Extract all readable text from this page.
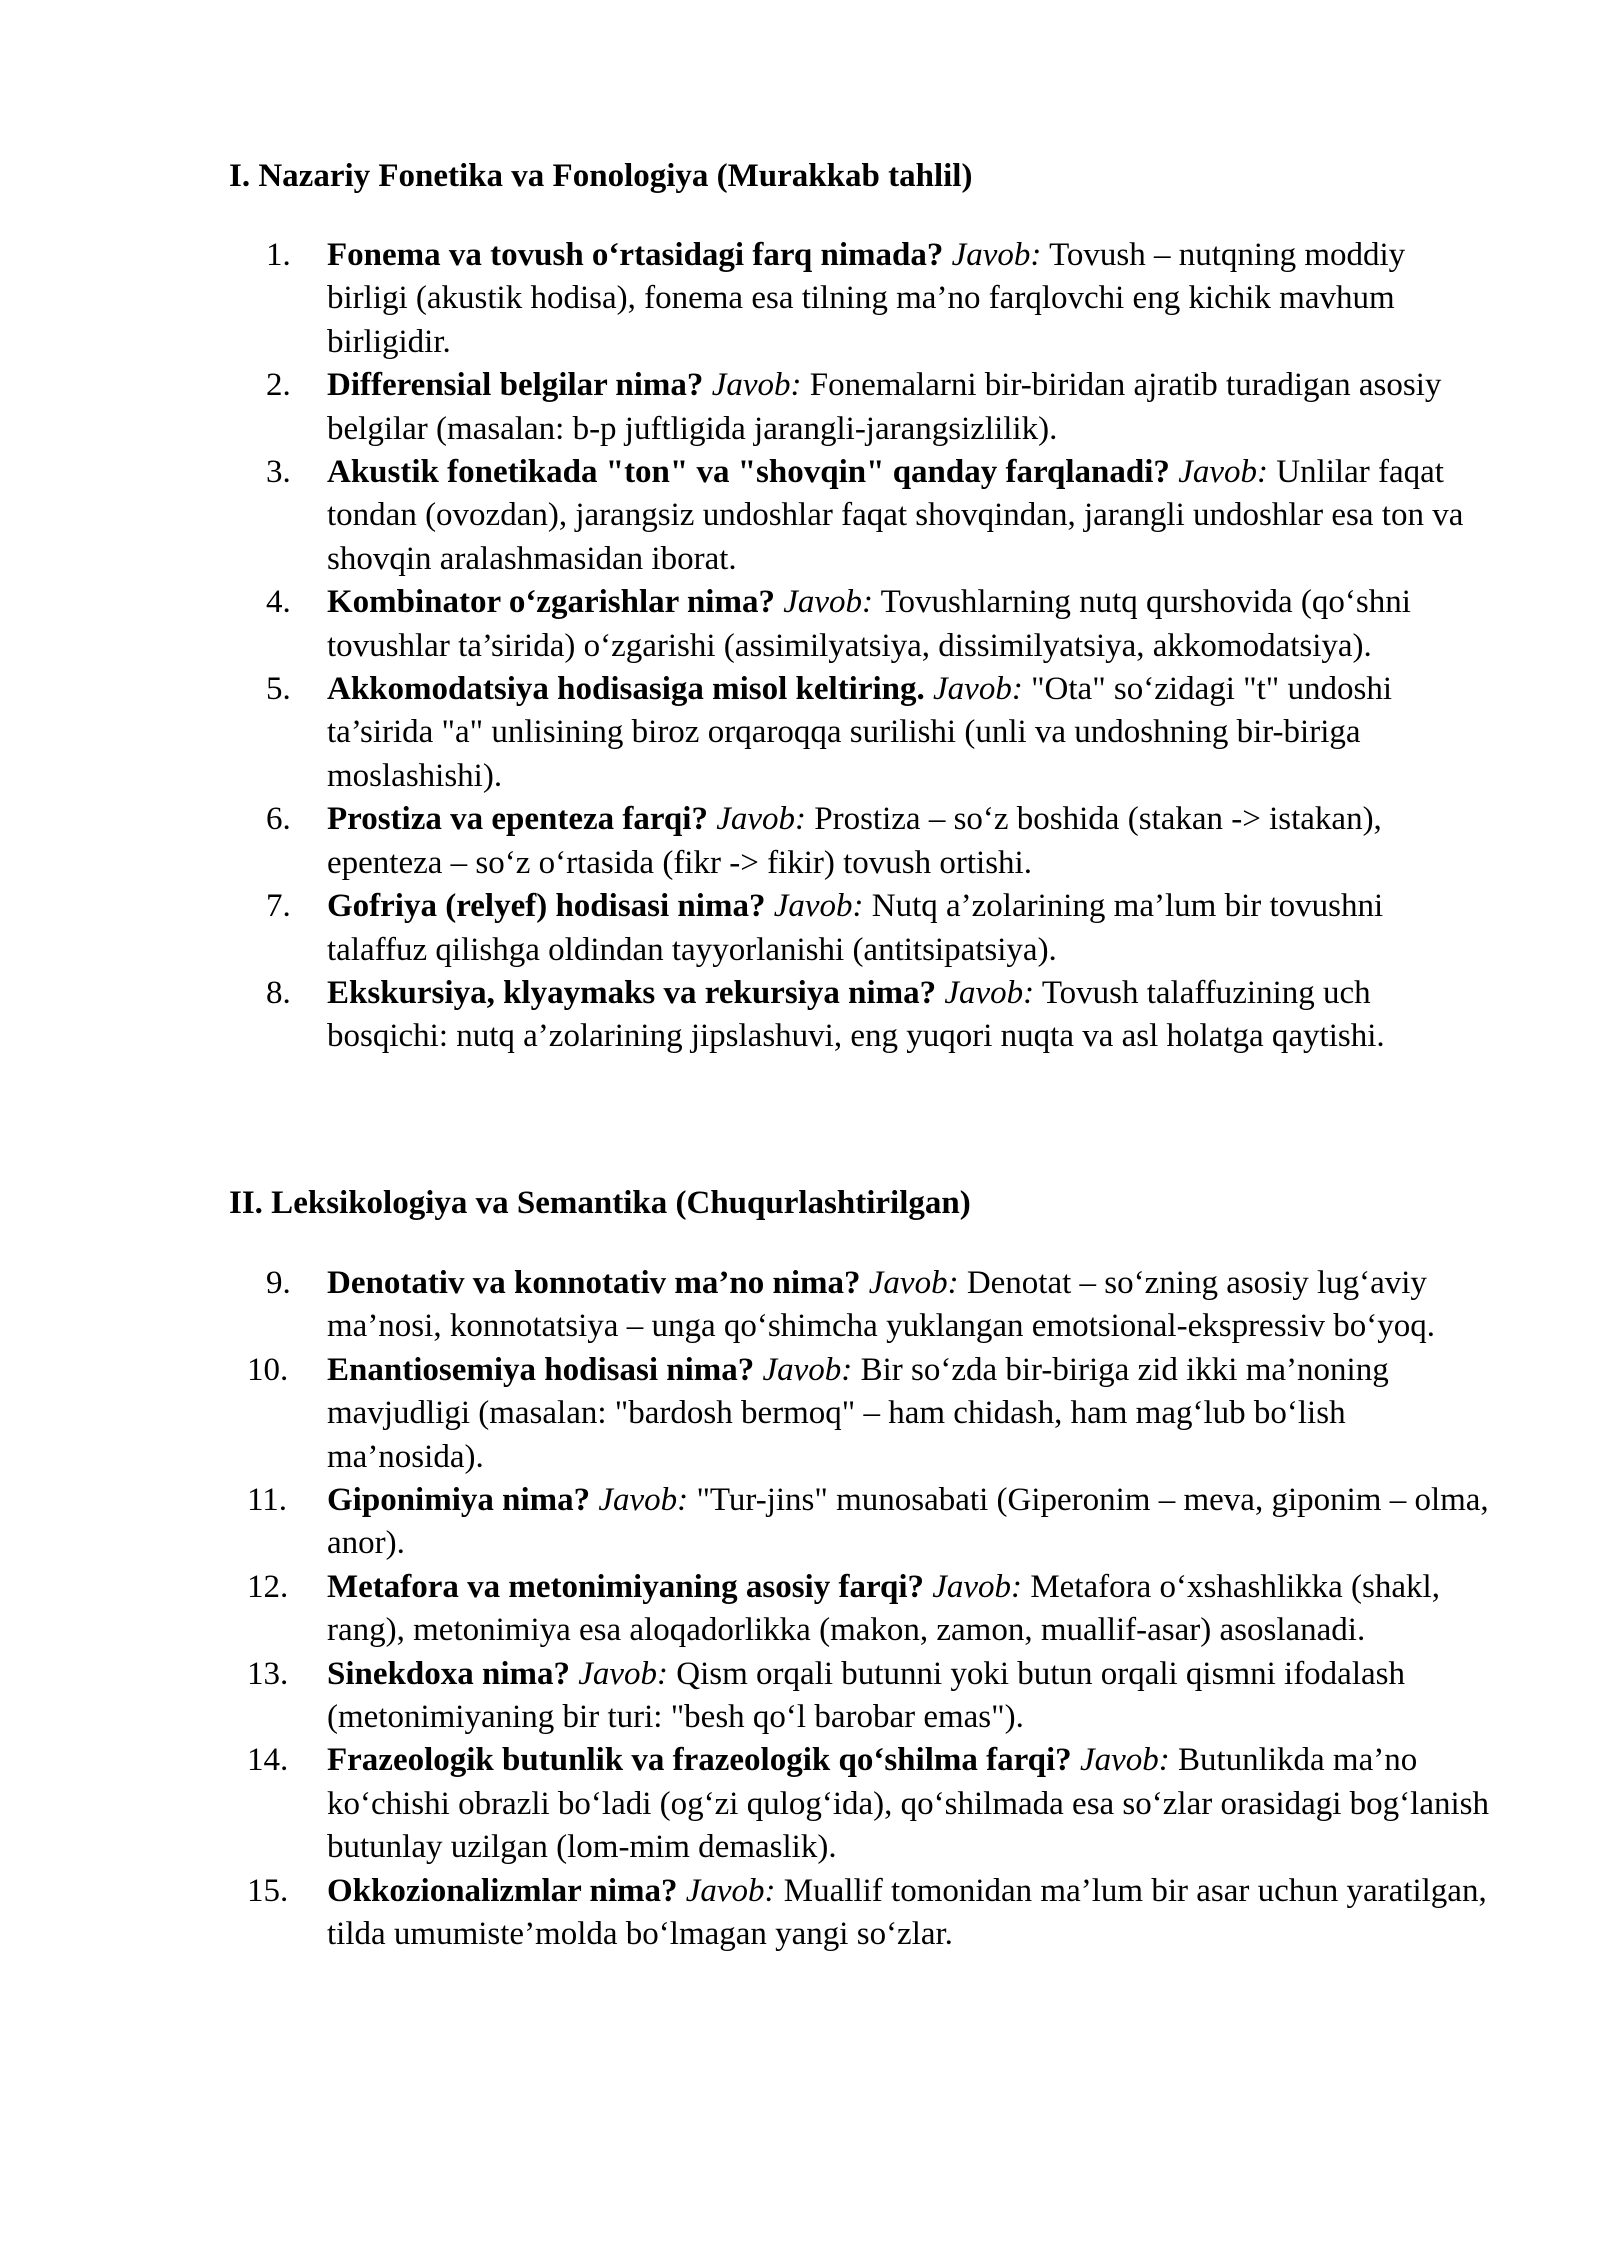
I. Nazariy Fonetika va Fonologiya (Murakkab tahlil)
1.	Fonema va tovush o‘rtasidagi farq nimada? Javob: Tovush – nutqning moddiy birligi (akustik hodisa), fonema esa tilning ma’no farqlovchi eng kichik mavhum birligidir.
2.	Differensial belgilar nima? Javob: Fonemalarni bir-biridan ajratib turadigan asosiy belgilar (masalan: b-p juftligida jarangli-jarangsizlilik).
3.	Akustik fonetikada "ton" va "shovqin" qanday farqlanadi? Javob: Unlilar faqat tondan (ovozdan), jarangsiz undoshlar faqat shovqindan, jarangli undoshlar esa ton va shovqin aralashmasidan iborat.
4.	Kombinator o‘zgarishlar nima? Javob: Tovushlarning nutq qurshovida (qo‘shni tovushlar ta’sirida) o‘zgarishi (assimilyatsiya, dissimilyatsiya, akkomodatsiya).
5.	Akkomodatsiya hodisasiga misol keltiring. Javob: "Ota" so‘zidagi "t" undoshi ta’sirida "a" unlisining biroz orqaroqqa surilishi (unli va undoshning bir-biriga moslashishi).
6.	Prostiza va epenteza farqi? Javob: Prostiza – so‘z boshida (stakan -> istakan), epenteza – so‘z o‘rtasida (fikr -> fikir) tovush ortishi.
7.	Gofriya (relyef) hodisasi nima? Javob: Nutq a’zolarining ma’lum bir tovushni talaffuz qilishga oldindan tayyorlanishi (antitsipatsiya).
8.	Ekskursiya, klyaymaks va rekursiya nima? Javob: Tovush talaffuzining uch bosqichi: nutq a’zolarining jipslashuvi, eng yuqori nuqta va asl holatga qaytishi.
II. Leksikologiya va Semantika (Chuqurlashtirilgan)
9.	Denotativ va konnotativ ma’no nima? Javob: Denotat – so‘zning asosiy lug‘aviy ma’nosi, konnotatsiya – unga qo‘shimcha yuklangan emotsional-ekspressiv bo‘yoq.
10.	Enantiosemiya hodisasi nima? Javob: Bir so‘zda bir-biriga zid ikki ma’noning mavjudligi (masalan: "bardosh bermoq" – ham chidash, ham mag‘lub bo‘lish ma’nosida).
11.	Giponimiya nima? Javob: "Tur-jins" munosabati (Giperonim – meva, giponim – olma, anor).
12.	Metafora va metonimiyaning asosiy farqi? Javob: Metafora o‘xshashlikka (shakl, rang), metonimiya esa aloqadorlikka (makon, zamon, muallif-asar) asoslanadi.
13.	Sinekdoxa nima? Javob: Qism orqali butunni yoki butun orqali qismni ifodalash (metonimiyaning bir turi: "besh qo‘l barobar emas").
14.	Frazeologik butunlik va frazeologik qo‘shilma farqi? Javob: Butunlikda ma’no ko‘chishi obrazli bo‘ladi (og‘zi qulog‘ida), qo‘shilmada esa so‘zlar orasidagi bog‘lanish butunlay uzilgan (lom-mim demaslik).
15.	Okkozionalizmlar nima? Javob: Muallif tomonidan ma’lum bir asar uchun yaratilgan, tilda umumiste’molda bo‘lmagan yangi so‘zlar.
